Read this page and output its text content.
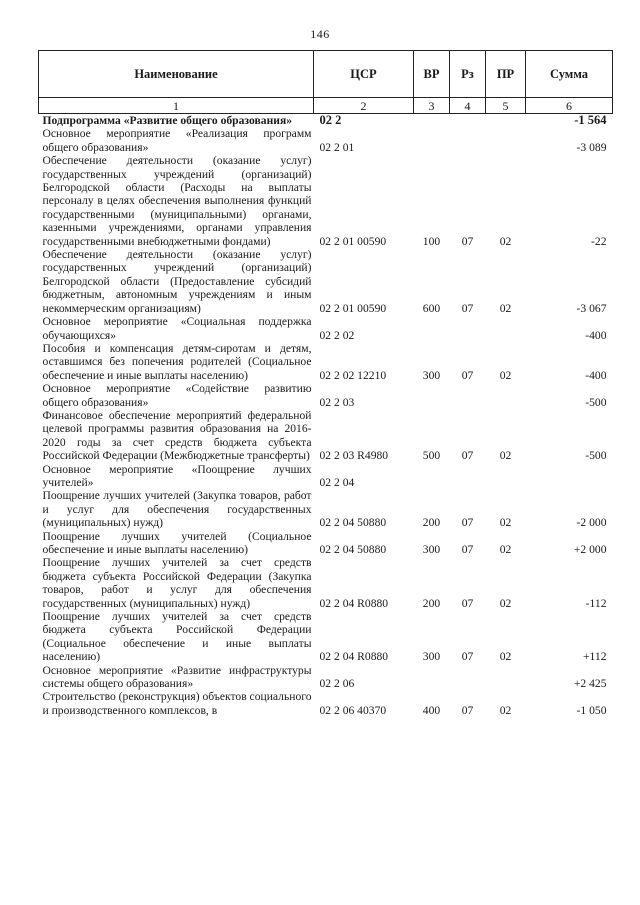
146
Наименование	ЦСР	ВР	Рз	ПР	Сумма
1	2	3	4	5	6
Подпрограмма «Развитие общего образования»	02 2				-1 564
Основное мероприятие «Реализация программ общего образования»	02 2 01				-3 089
Обеспечение деятельности (оказание услуг) государственных учреждений (организаций) Белгородской области (Расходы на выплаты персоналу в целях обеспечения выполнения функций государственными (муниципальными) органами, казенными учреждениями, органами управления государственными внебюджетными фондами)	02 2 01 00590	100	07	02	-22
Обеспечение деятельности (оказание услуг) государственных учреждений (организаций) Белгородской области (Предоставление субсидий бюджетным, автономным учреждениям и иным некоммерческим организациям)	02 2 01 00590	600	07	02	-3 067
Основное мероприятие «Социальная поддержка обучающихся»	02 2 02				-400
Пособия и компенсация детям-сиротам и детям, оставшимся без попечения родителей (Социальное обеспечение и иные выплаты населению)	02 2 02 12210	300	07	02	-400
Основное мероприятие «Содействие развитию общего образования»	02 2 03				-500
Финансовое обеспечение мероприятий федеральной целевой программы развития образования на 2016-2020 годы за счет средств бюджета субъекта Российской Федерации (Межбюджетные трансферты)	02 2 03 R4980	500	07	02	-500
Основное мероприятие «Поощрение лучших учителей»	02 2 04				
Поощрение лучших учителей (Закупка товаров, работ и услуг для обеспечения государственных (муниципальных) нужд)	02 2 04 50880	200	07	02	-2 000
Поощрение лучших учителей (Социальное обеспечение и иные выплаты населению)	02 2 04 50880	300	07	02	+2 000
Поощрение лучших учителей за счет средств бюджета субъекта Российской Федерации (Закупка товаров, работ и услуг для обеспечения государственных (муниципальных) нужд)	02 2 04 R0880	200	07	02	-112
Поощрение лучших учителей за счет средств бюджета субъекта Российской Федерации (Социальное обеспечение и иные выплаты населению)	02 2 04 R0880	300	07	02	+112
Основное мероприятие «Развитие инфраструктуры системы общего образования»	02 2 06				+2 425
Строительство (реконструкция) объектов социального и производственного комплексов, в	02 2 06 40370	400	07	02	-1 050
